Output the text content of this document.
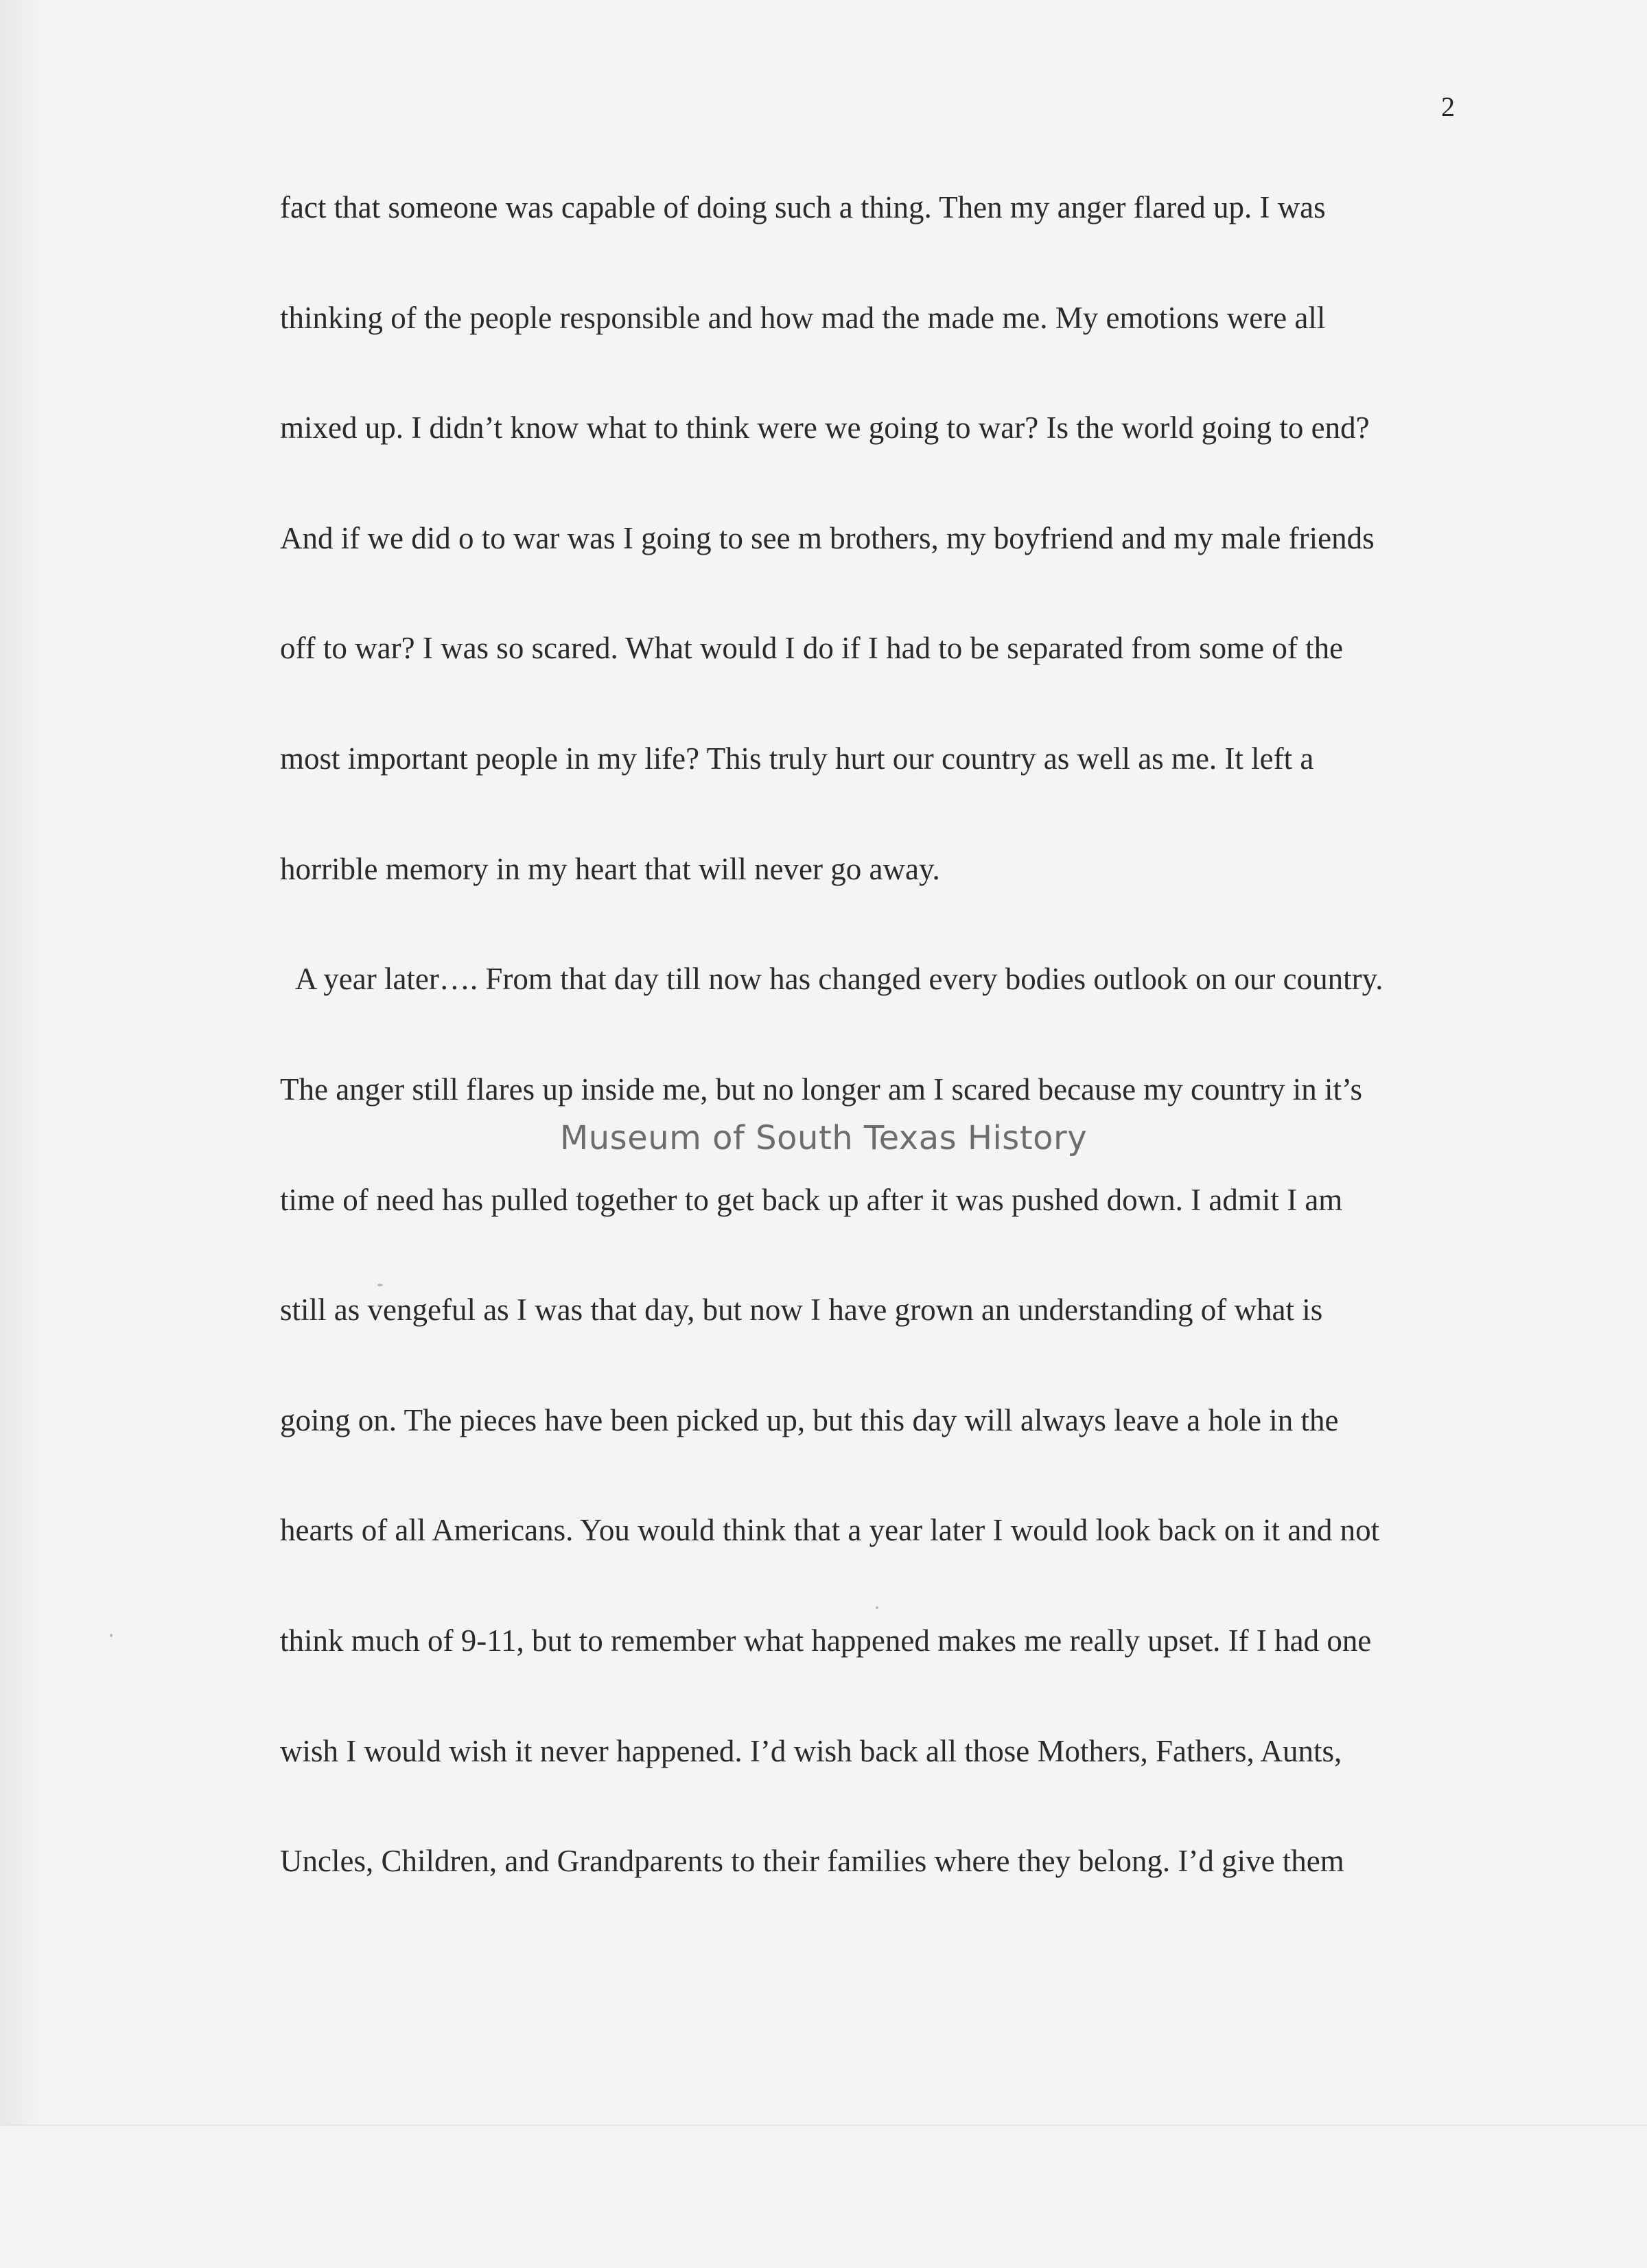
2
fact that someone was capable of doing such a thing. Then my anger flared up. I was
thinking of the people responsible and how mad the made me. My emotions were all
mixed up. I didn’t know what to think were we going to war? Is the world going to end?
And if we did o to war was I going to see m brothers, my boyfriend and my male friends
off to war? I was so scared. What would I do if I had to be separated from some of the
most important people in my life? This truly hurt our country as well as me. It left a
horrible memory in my heart that will never go away.
A year later…. From that day till now has changed every bodies outlook on our country.
The anger still flares up inside me, but no longer am I scared because my country in it’s
time of need has pulled together to get back up after it was pushed down. I admit I am
still as vengeful as I was that day, but now I have grown an understanding of what is
going on. The pieces have been picked up, but this day will always leave a hole in the
hearts of all Americans. You would think that a year later I would look back on it and not
think much of 9-11, but to remember what happened makes me really upset. If I had one
wish I would wish it never happened. I’d wish back all those Mothers, Fathers, Aunts,
Uncles, Children, and Grandparents to their families where they belong. I’d give them
Museum of South Texas History
